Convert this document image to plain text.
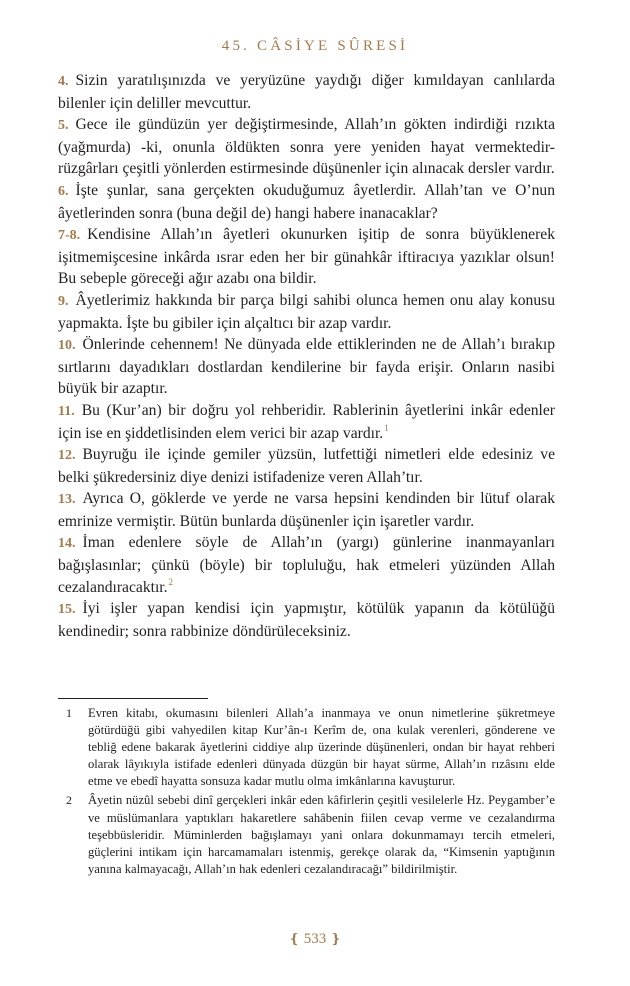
45. CÂSİYE SÛRESİ

4. Sizin yaratılışınızda ve yeryüzüne yaydığı diğer kımıldayan canlılarda bilenler için deliller mevcuttur.

5. Gece ile gündüzün yer değiştirmesinde, Allah’ın gökten indirdiği rızıkta (yağmurda) -ki, onunla öldükten sonra yere yeniden hayat vermektedir- rüzgârları çeşitli yönlerden estirmesinde düşünenler için alınacak dersler vardır.

6. İşte şunlar, sana gerçekten okuduğumuz âyetlerdir. Allah’tan ve O’nun âyetlerinden sonra (buna değil de) hangi habere inanacaklar?

7-8. Kendisine Allah’ın âyetleri okunurken işitip de sonra büyüklenerek işitmemişcesine inkârda ısrar eden her bir günahkâr iftiracıya yazıklar olsun! Bu sebeple göreceği ağır azabı ona bildir.

9. Âyetlerimiz hakkında bir parça bilgi sahibi olunca hemen onu alay konusu yapmakta. İşte bu gibiler için alçaltıcı bir azap vardır.

10. Önlerinde cehennem! Ne dünyada elde ettiklerinden ne de Allah’ı bırakıp sırtlarını dayadıkları dostlardan kendilerine bir fayda erişir. Onların nasibi büyük bir azaptır.

11. Bu (Kur’an) bir doğru yol rehberidir. Rablerinin âyetlerini inkâr edenler için ise en şiddetlisinden elem verici bir azap vardır.$^1$

12. Buyruğu ile içinde gemiler yüzsün, lutfettiği nimetleri elde edesiniz ve belki şükredersiniz diye denizi istifadenize veren Allah’tır.

13. Ayrıca O, göklerde ve yerde ne varsa hepsini kendinden bir lütuf olarak emrinize vermiştir. Bütün bunlarda düşünenler için işaretler vardır.

14. İman edenlere söyle de Allah’ın (yargı) günlerine inanmayanları bağışlasınlar; çünkü (böyle) bir topluluğu, hak etmeleri yüzünden Allah cezalandıracaktır.$^2$

15. İyi işler yapan kendisi için yapmıştır, kötülük yapanın da kötülüğü kendinedir; sonra rabbinize döndürüleceksiniz.

1 Evren kitabı, okumasını bilenleri Allah’a inanmaya ve onun nimetlerine şükretmeye götürdüğü gibi vahyedilen kitap Kur’ân-ı Kerîm de, ona kulak verenleri, gönderene ve tebliğ edene bakarak âyetlerini ciddiye alıp üzerinde düşünenleri, ondan bir hayat rehberi olarak lâyıkıyla istifade edenleri dünyada düzgün bir hayat sürme, Allah’ın rızâsını elde etme ve ebedî hayatta sonsuza kadar mutlu olma imkânlarına kavuşturur.

2 Âyetin nüzûl sebebi dinî gerçekleri inkâr eden kâfirlerin çeşitli vesilelerle Hz. Peygamber’e ve müslümanlara yaptıkları hakaretlere sahâbenin fiilen cevap verme ve cezalandırma teşebbüsleridir. Müminlerden bağışlamayı yani onlara dokunmamayı tercih etmeleri, güçlerini intikam için harcamamaları istenmiş, gerekçe olarak da, “Kimsenin yaptığının yanına kalmayacağı, Allah’ın hak edenleri cezalandıracağı” bildirilmiştir.

❴ 533 ❵
